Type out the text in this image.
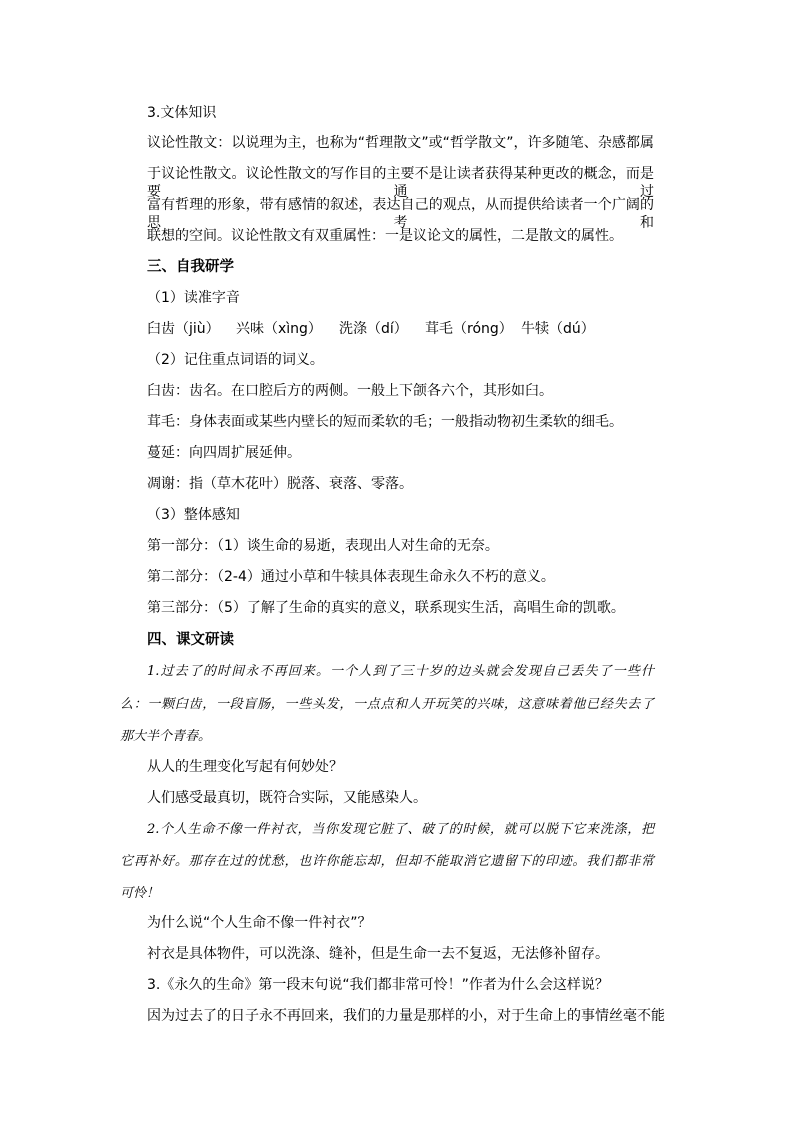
3.文体知识
议论性散文：以说理为主，也称为“哲理散文”或“哲学散文”，许多随笔、杂感都属
于议论性散文。议论性散文的写作目的主要不是让读者获得某种更改的概念，而是要通过
富有哲理的形象，带有感情的叙述，表达自己的观点，从而提供给读者一个广阔的思考和
联想的空间。议论性散文有双重属性：一是议论文的属性，二是散文的属性。
三、自我研学
（1）读准字音
臼齿（jiù） 兴味（xìng） 洗涤（dí） 茸毛（róng） 牛犊（dú）
（2）记住重点词语的词义。
臼齿：齿名。在口腔后方的两侧。一般上下颌各六个，其形如臼。
茸毛：身体表面或某些内壁长的短而柔软的毛；一般指动物初生柔软的细毛。
蔓延：向四周扩展延伸。
凋谢：指（草木花叶）脱落、衰落、零落。
（3）整体感知
第一部分：（1）谈生命的易逝，表现出人对生命的无奈。
第二部分：（2-4）通过小草和牛犊具体表现生命永久不朽的意义。
第三部分：（5）了解了生命的真实的意义，联系现实生活，高唱生命的凯歌。
四、课文研读
1.过去了的时间永不再回来。一个人到了三十岁的边头就会发现自己丢失了一些什
么：一颗臼齿，一段盲肠，一些头发，一点点和人开玩笑的兴味，这意味着他已经失去了
那大半个青春。
从人的生理变化写起有何妙处？
人们感受最真切，既符合实际，又能感染人。
2.个人生命不像一件衬衣，当你发现它脏了、破了的时候，就可以脱下它来洗涤，把
它再补好。那存在过的忧愁，也许你能忘却，但却不能取消它遗留下的印迹。我们都非常
可怜！
为什么说“个人生命不像一件衬衣”？
衬衣是具体物件，可以洗涤、缝补，但是生命一去不复返，无法修补留存。
3.《永久的生命》第一段末句说“我们都非常可怜！”作者为什么会这样说？
因为过去了的日子永不再回来，我们的力量是那样的小，对于生命上的事情丝毫不能
